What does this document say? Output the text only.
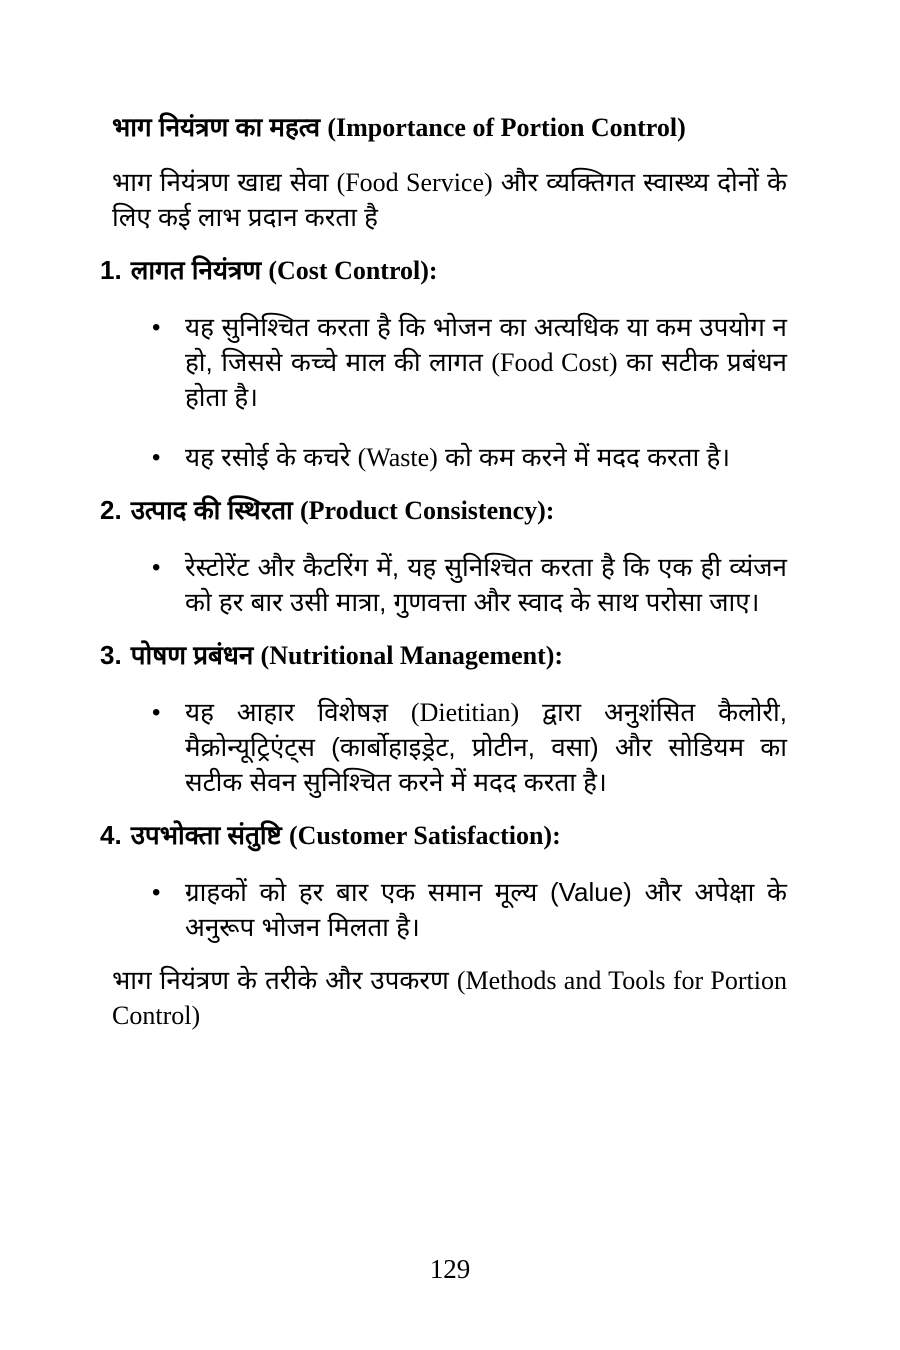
भाग नियंत्रण का महत्व (Importance of Portion Control)
भाग नियंत्रण खाद्य सेवा (Food Service) और व्यक्तिगत स्वास्थ्य दोनों के लिए कई लाभ प्रदान करता है
1. लागत नियंत्रण (Cost Control):
• यह सुनिश्चित करता है कि भोजन का अत्यधिक या कम उपयोग न हो, जिससे कच्चे माल की लागत (Food Cost) का सटीक प्रबंधन होता है।
• यह रसोई के कचरे (Waste) को कम करने में मदद करता है।
2. उत्पाद की स्थिरता (Product Consistency):
• रेस्टोरेंट और कैटरिंग में, यह सुनिश्चित करता है कि एक ही व्यंजन को हर बार उसी मात्रा, गुणवत्ता और स्वाद के साथ परोसा जाए।
3. पोषण प्रबंधन (Nutritional Management):
• यह आहार विशेषज्ञ (Dietitian) द्वारा अनुशंसित कैलोरी, मैक्रोन्यूट्रिएंट्स (कार्बोहाइड्रेट, प्रोटीन, वसा) और सोडियम का सटीक सेवन सुनिश्चित करने में मदद करता है।
4. उपभोक्ता संतुष्टि (Customer Satisfaction):
• ग्राहकों को हर बार एक समान मूल्य (Value) और अपेक्षा के अनुरूप भोजन मिलता है।
भाग नियंत्रण के तरीके और उपकरण (Methods and Tools for Portion Control)
129
